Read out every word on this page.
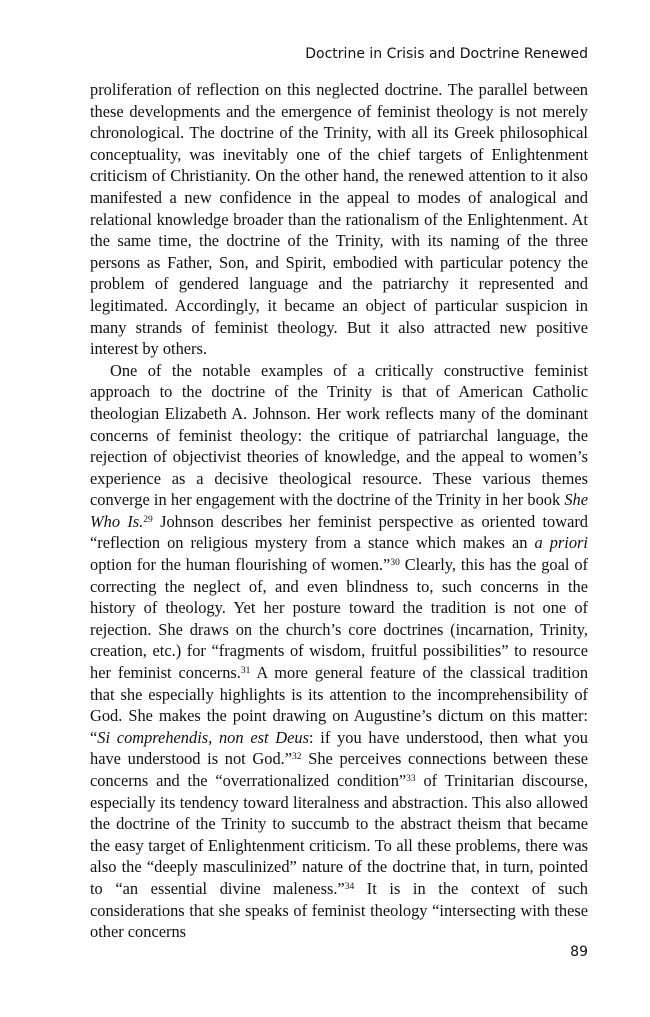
Doctrine in Crisis and Doctrine Renewed

proliferation of reflection on this neglected doctrine. The parallel between these developments and the emergence of feminist theology is not merely chronological. The doctrine of the Trinity, with all its Greek philosophical conceptuality, was inevitably one of the chief targets of Enlightenment criticism of Christianity. On the other hand, the renewed attention to it also manifested a new confidence in the appeal to modes of analogical and relational knowledge broader than the rationalism of the Enlightenment. At the same time, the doctrine of the Trinity, with its naming of the three persons as Father, Son, and Spirit, embodied with particular potency the problem of gendered language and the patriarchy it represented and legitimated. Accordingly, it became an object of particular suspicion in many strands of feminist theology. But it also attracted new positive interest by others.

One of the notable examples of a critically constructive feminist approach to the doctrine of the Trinity is that of American Catholic theologian Elizabeth A. Johnson. Her work reflects many of the dominant concerns of feminist theology: the critique of patriarchal language, the rejection of objectivist theories of knowledge, and the appeal to women’s experience as a decisive theological resource. These various themes converge in her engagement with the doctrine of the Trinity in her book She Who Is.$^{29}$ Johnson describes her feminist perspective as oriented toward “reflection on religious mystery from a stance which makes an a priori option for the human flourishing of women.”$^{30}$ Clearly, this has the goal of correcting the neglect of, and even blindness to, such concerns in the history of theology. Yet her posture toward the tradition is not one of rejection. She draws on the church’s core doctrines (incarnation, Trinity, creation, etc.) for “fragments of wisdom, fruitful possibilities” to resource her feminist concerns.$^{31}$ A more general feature of the classical tradition that she especially highlights is its attention to the incomprehensibility of God. She makes the point drawing on Augustine’s dictum on this matter: “Si comprehendis, non est Deus: if you have understood, then what you have understood is not God.”$^{32}$ She perceives connections between these concerns and the “overrationalized condition”$^{33}$ of Trinitarian discourse, especially its tendency toward literalness and abstraction. This also allowed the doctrine of the Trinity to succumb to the abstract theism that became the easy target of Enlightenment criticism. To all these problems, there was also the “deeply masculinized” nature of the doctrine that, in turn, pointed to “an essential divine maleness.”$^{34}$ It is in the context of such considerations that she speaks of feminist theology “intersecting with these other concerns

89
